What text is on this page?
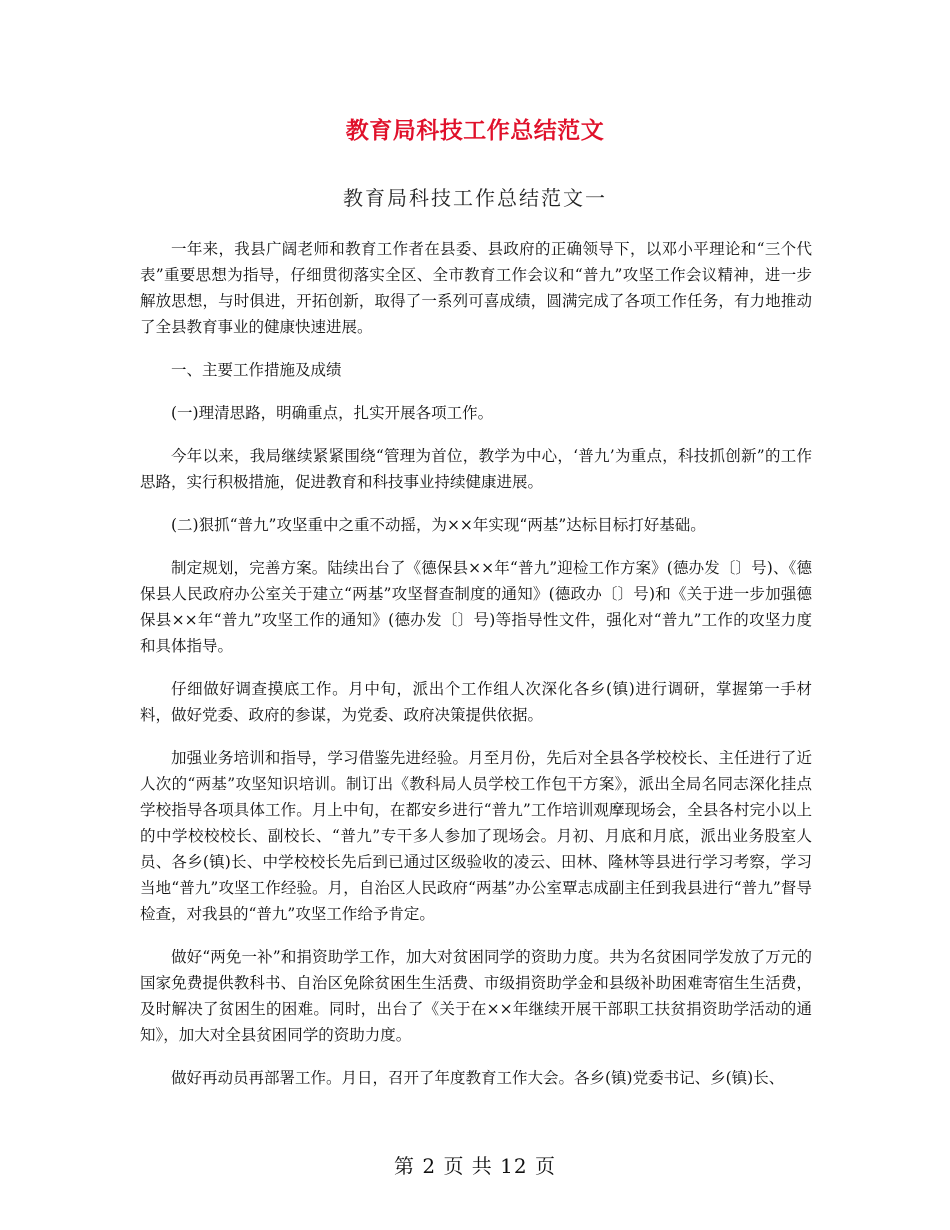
教育局科技工作总结范文
教育局科技工作总结范文一

一年来，我县广阔老师和教育工作者在县委、县政府的正确领导下，以邓小平理论和“三个代表”重要思想为指导，仔细贯彻落实全区、全市教育工作会议和“普九”攻坚工作会议精神，进一步解放思想，与时俱进，开拓创新，取得了一系列可喜成绩，圆满完成了各项工作任务，有力地推动了全县教育事业的健康快速进展。

一、主要工作措施及成绩

(一)理清思路，明确重点，扎实开展各项工作。

今年以来，我局继续紧紧围绕“管理为首位，教学为中心，‘普九’为重点，科技抓创新”的工作思路，实行积极措施，促进教育和科技事业持续健康进展。

(二)狠抓“普九”攻坚重中之重不动摇，为××年实现“两基”达标目标打好基础。

制定规划，完善方案。陆续出台了《德保县××年“普九”迎检工作方案》(德办发〔〕号)、《德保县人民政府办公室关于建立“两基”攻坚督查制度的通知》(德政办〔〕号)和《关于进一步加强德保县××年“普九”攻坚工作的通知》(德办发〔〕号)等指导性文件，强化对“普九”工作的攻坚力度和具体指导。

仔细做好调查摸底工作。月中旬，派出个工作组人次深化各乡(镇)进行调研，掌握第一手材料，做好党委、政府的参谋，为党委、政府决策提供依据。

加强业务培训和指导，学习借鉴先进经验。月至月份，先后对全县各学校校长、主任进行了近人次的“两基”攻坚知识培训。制订出《教科局人员学校工作包干方案》，派出全局名同志深化挂点学校指导各项具体工作。月上中旬，在都安乡进行“普九”工作培训观摩现场会，全县各村完小以上的中学校校校长、副校长、“普九”专干多人参加了现场会。月初、月底和月底，派出业务股室人员、各乡(镇)长、中学校校长先后到已通过区级验收的凌云、田林、隆林等县进行学习考察，学习当地“普九”攻坚工作经验。月，自治区人民政府“两基”办公室覃志成副主任到我县进行“普九”督导检查，对我县的“普九”攻坚工作给予肯定。

做好“两免一补”和捐资助学工作，加大对贫困同学的资助力度。共为名贫困同学发放了万元的国家免费提供教科书、自治区免除贫困生生活费、市级捐资助学金和县级补助困难寄宿生生活费，及时解决了贫困生的困难。同时，出台了《关于在××年继续开展干部职工扶贫捐资助学活动的通知》，加大对全县贫困同学的资助力度。

做好再动员再部署工作。月日，召开了年度教育工作大会。各乡(镇)党委书记、乡(镇)长、

第 2 页 共 12 页
